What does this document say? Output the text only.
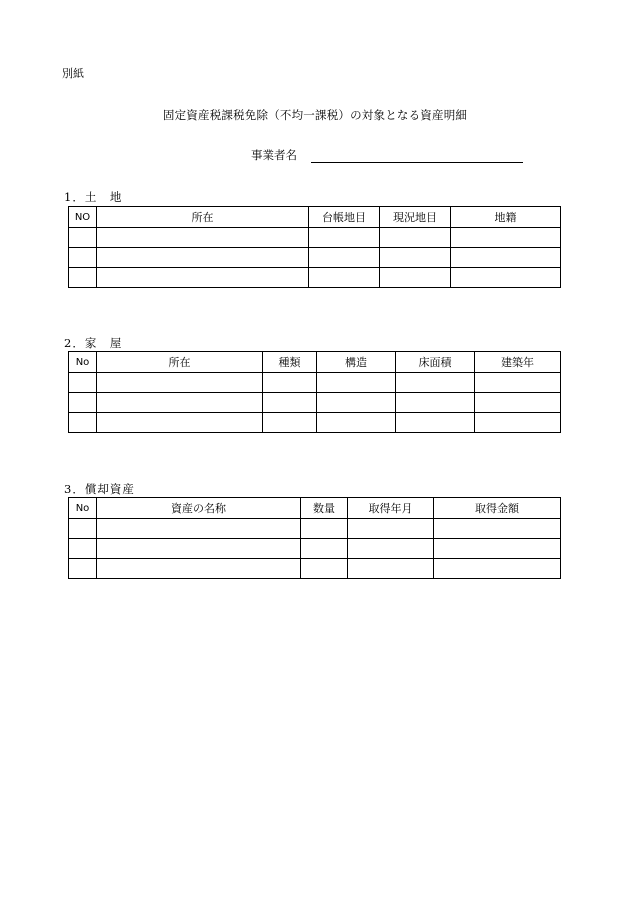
別紙
固定資産税課税免除（不均一課税）の対象となる資産明細
事業者名
1．土　地
NO	所在	台帳地目	現況地目	地籍

2．家　屋
No	所在	種類	構造	床面積	建築年

3．償却資産
No	資産の名称	数量	取得年月	取得金額
